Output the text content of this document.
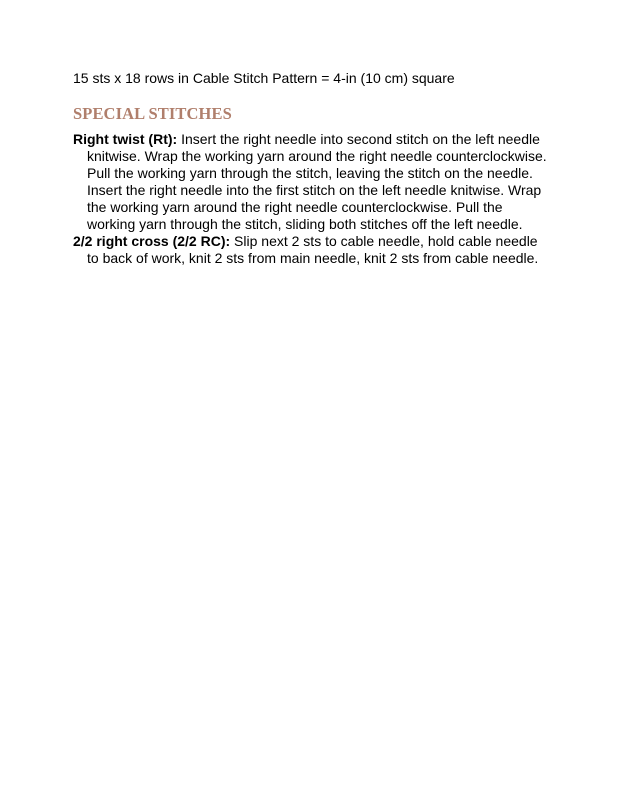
15 sts x 18 rows in Cable Stitch Pattern = 4-in (10 cm) square

SPECIAL STITCHES
Right twist (Rt): Insert the right needle into second stitch on the left needle knitwise. Wrap the working yarn around the right needle counterclockwise. Pull the working yarn through the stitch, leaving the stitch on the needle. Insert the right needle into the first stitch on the left needle knitwise. Wrap the working yarn around the right needle counterclockwise. Pull the working yarn through the stitch, sliding both stitches off the left needle.
2/2 right cross (2/2 RC): Slip next 2 sts to cable needle, hold cable needle to back of work, knit 2 sts from main needle, knit 2 sts from cable needle.
